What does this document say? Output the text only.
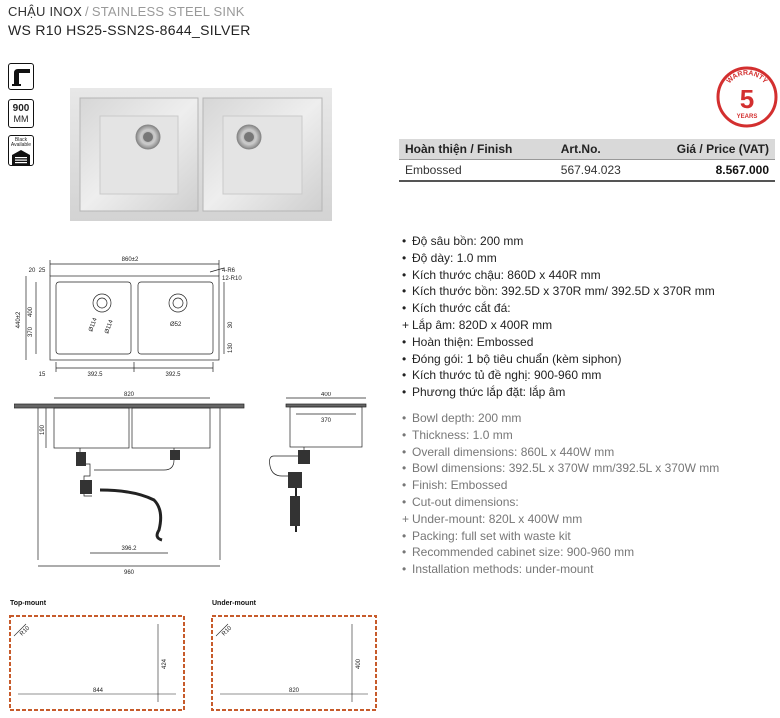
CHẬU INOX / STAINLESS STEEL SINK
WS R10 HS25-SSN2S-8644_SILVER
900
MM
Black
Available
WARRANTY
5
YEARS
Hoàn thiện / Finish	Art.No.	Giá / Price (VAT)
Embossed	567.94.023	8.567.000
• Độ sâu bồn: 200 mm
• Độ dày: 1.0 mm
• Kích thước chậu: 860D x 440R mm
• Kích thước bồn: 392.5D x 370R mm/ 392.5D x 370R mm
• Kích thước cắt đá:
+ Lắp âm: 820D x 400R mm
• Hoàn thiện: Embossed
• Đóng gói: 1 bộ tiêu chuẩn (kèm siphon)
• Kích thước tủ đề nghị: 900-960 mm
• Phương thức lắp đặt: lắp âm
• Bowl depth: 200 mm
• Thickness: 1.0 mm
• Overall dimensions: 860L x 440W mm
• Bowl dimensions: 392.5L x 370W mm/392.5L x 370W mm
• Finish: Embossed
• Cut-out dimensions:
+ Under-mount: 820L x 400W mm
• Packing: full set with waste kit
• Recommended cabinet size: 900-960 mm
• Installation methods: under-mount
860±2
440±2 400
370
20 25
15
4-R6
12-R10
30
130
392.5	392.5
Ø114 Ø114	Ø52
820
190
396.2
960
400
370
Top-mount
R10
844
424
Under-mount
R10
820
400
